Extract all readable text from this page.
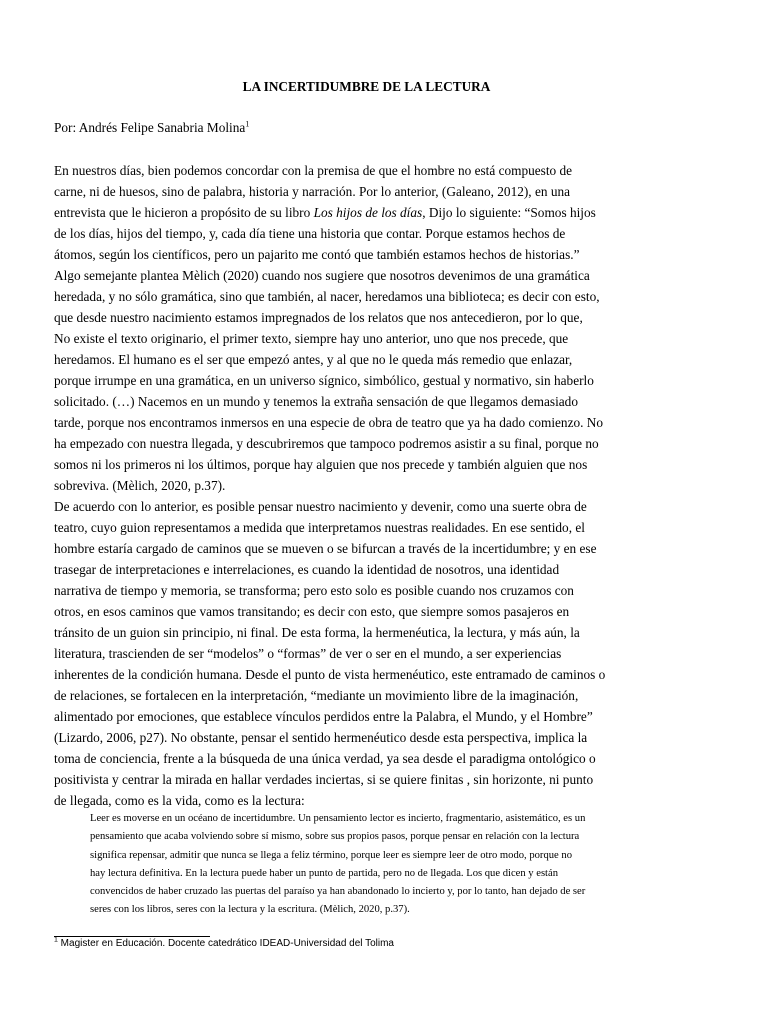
LA INCERTIDUMBRE DE LA LECTURA
Por: Andrés Felipe Sanabria Molina$^1$
En nuestros días, bien podemos concordar con la premisa de que el hombre no está compuesto de
carne, ni de huesos, sino de palabra, historia y narración. Por lo anterior, (Galeano, 2012), en una
entrevista que le hicieron a propósito de su libro Los hijos de los días, Dijo lo siguiente: “Somos hijos
de los días, hijos del tiempo, y, cada día tiene una historia que contar. Porque estamos hechos de
átomos, según los científicos, pero un pajarito me contó que también estamos hechos de historias.”
Algo semejante plantea Mèlich (2020) cuando nos sugiere que nosotros devenimos de una gramática
heredada, y no sólo gramática, sino que también, al nacer, heredamos una biblioteca; es decir con esto,
que desde nuestro nacimiento estamos impregnados de los relatos que nos antecedieron, por lo que,
No existe el texto originario, el primer texto, siempre hay uno anterior, uno que nos precede, que
heredamos. El humano es el ser que empezó antes, y al que no le queda más remedio que enlazar,
porque irrumpe en una gramática, en un universo sígnico, simbólico, gestual y normativo, sin haberlo
solicitado. (…) Nacemos en un mundo y tenemos la extraña sensación de que llegamos demasiado
tarde, porque nos encontramos inmersos en una especie de obra de teatro que ya ha dado comienzo. No
ha empezado con nuestra llegada, y descubriremos que tampoco podremos asistir a su final, porque no
somos ni los primeros ni los últimos, porque hay alguien que nos precede y también alguien que nos
sobreviva. (Mèlich, 2020, p.37).
De acuerdo con lo anterior, es posible pensar nuestro nacimiento y devenir, como una suerte obra de
teatro, cuyo guion representamos a medida que interpretamos nuestras realidades. En ese sentido, el
hombre estaría cargado de caminos que se mueven o se bifurcan a través de la incertidumbre; y en ese
trasegar de interpretaciones e interrelaciones, es cuando la identidad de nosotros, una identidad
narrativa de tiempo y memoria, se transforma; pero esto solo es posible cuando nos cruzamos con
otros, en esos caminos que vamos transitando; es decir con esto, que siempre somos pasajeros en
tránsito de un guion sin principio, ni final. De esta forma, la hermenéutica, la lectura, y más aún, la
literatura, trascienden de ser “modelos” o “formas” de ver o ser en el mundo, a ser experiencias
inherentes de la condición humana. Desde el punto de vista hermenéutico, este entramado de caminos o
de relaciones, se fortalecen en la interpretación, “mediante un movimiento libre de la imaginación,
alimentado por emociones, que establece vínculos perdidos entre la Palabra, el Mundo, y el Hombre”
(Lizardo, 2006, p27). No obstante, pensar el sentido hermenéutico desde esta perspectiva, implica la
toma de conciencia, frente a la búsqueda de una única verdad, ya sea desde el paradigma ontológico o
positivista y centrar la mirada en hallar verdades inciertas, si se quiere finitas , sin horizonte, ni punto
de llegada, como es la vida, como es la lectura:
Leer es moverse en un océano de incertidumbre. Un pensamiento lector es incierto, fragmentario, asistemático, es un
pensamiento que acaba volviendo sobre sí mismo, sobre sus propios pasos, porque pensar en relación con la lectura
significa repensar, admitir que nunca se llega a feliz término, porque leer es siempre leer de otro modo, porque no
hay lectura definitiva. En la lectura puede haber un punto de partida, pero no de llegada. Los que dicen y están
convencidos de haber cruzado las puertas del paraíso ya han abandonado lo incierto y, por lo tanto, han dejado de ser
seres con los libros, seres con la lectura y la escritura. (Mèlich, 2020, p.37).
$^1$ Magister en Educación. Docente catedrático IDEAD-Universidad del Tolima
